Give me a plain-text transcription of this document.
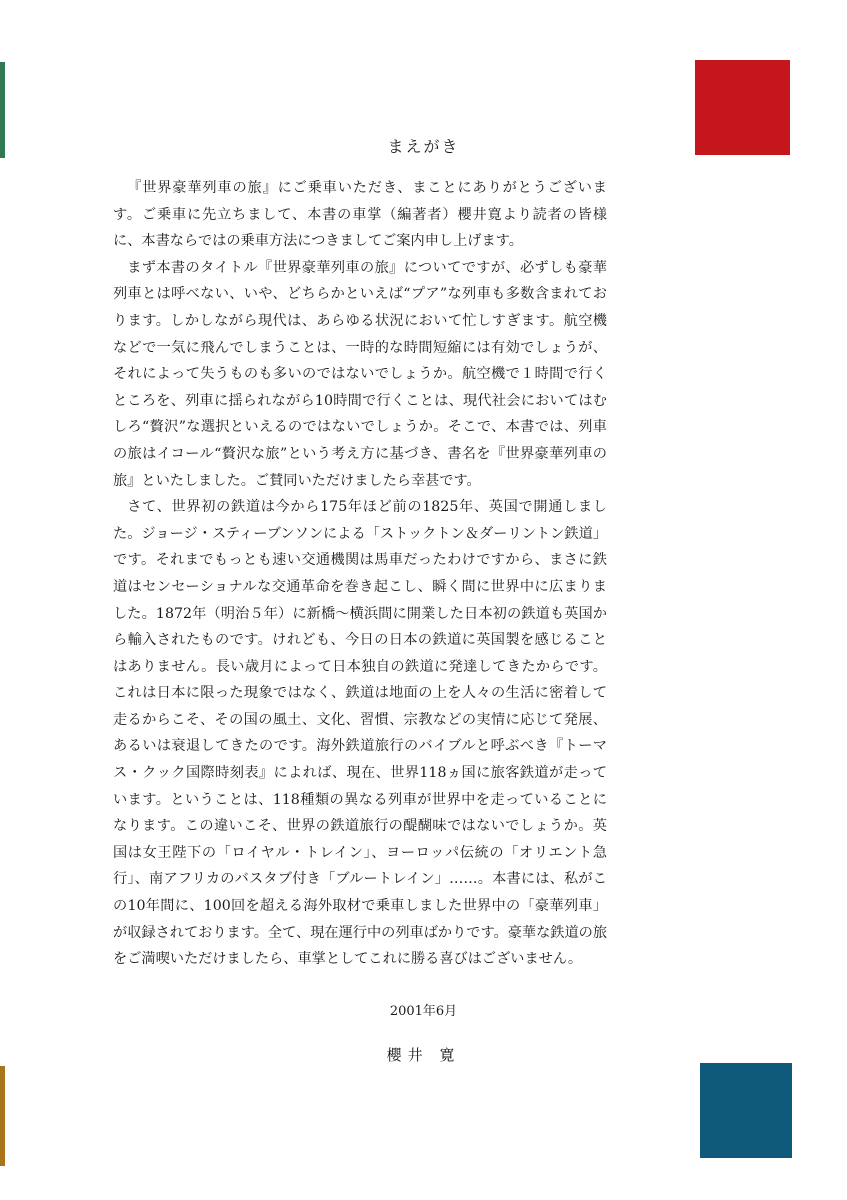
まえがき

『世界豪華列車の旅』にご乗車いただき、まことにありがとうございます。ご乗車に先立ちまして、本書の車掌（編著者）櫻井寛より読者の皆様に、本書ならではの乗車方法につきましてご案内申し上げます。

まず本書のタイトル『世界豪華列車の旅』についてですが、必ずしも豪華列車とは呼べない、いや、どちらかといえば“プア”な列車も多数含まれております。しかしながら現代は、あらゆる状況において忙しすぎます。航空機などで一気に飛んでしまうことは、一時的な時間短縮には有効でしょうが、それによって失うものも多いのではないでしょうか。航空機で１時間で行くところを、列車に揺られながら10時間で行くことは、現代社会においてはむしろ“贅沢”な選択といえるのではないでしょうか。そこで、本書では、列車の旅はイコール“贅沢な旅”という考え方に基づき、書名を『世界豪華列車の旅』といたしました。ご賛同いただけましたら幸甚です。

さて、世界初の鉄道は今から175年ほど前の1825年、英国で開通しました。ジョージ・スティーブンソンによる「ストックトン＆ダーリントン鉄道」です。それまでもっとも速い交通機関は馬車だったわけですから、まさに鉄道はセンセーショナルな交通革命を巻き起こし、瞬く間に世界中に広まりました。1872年（明治５年）に新橋～横浜間に開業した日本初の鉄道も英国から輸入されたものです。けれども、今日の日本の鉄道に英国製を感じることはありません。長い歳月によって日本独自の鉄道に発達してきたからです。これは日本に限った現象ではなく、鉄道は地面の上を人々の生活に密着して走るからこそ、その国の風土、文化、習慣、宗教などの実情に応じて発展、あるいは衰退してきたのです。海外鉄道旅行のバイブルと呼ぶべき『トーマス・クック国際時刻表』によれば、現在、世界118ヵ国に旅客鉄道が走っています。ということは、118種類の異なる列車が世界中を走っていることになります。この違いこそ、世界の鉄道旅行の醍醐味ではないでしょうか。英国は女王陛下の「ロイヤル・トレイン」、ヨーロッパ伝統の「オリエント急行」、南アフリカのバスタブ付き「ブルートレイン」……。本書には、私がこの10年間に、100回を超える海外取材で乗車しました世界中の「豪華列車」が収録されております。全て、現在運行中の列車ばかりです。豪華な鉄道の旅をご満喫いただけましたら、車掌としてこれに勝る喜びはございません。

2001年6月
櫻井 寛
